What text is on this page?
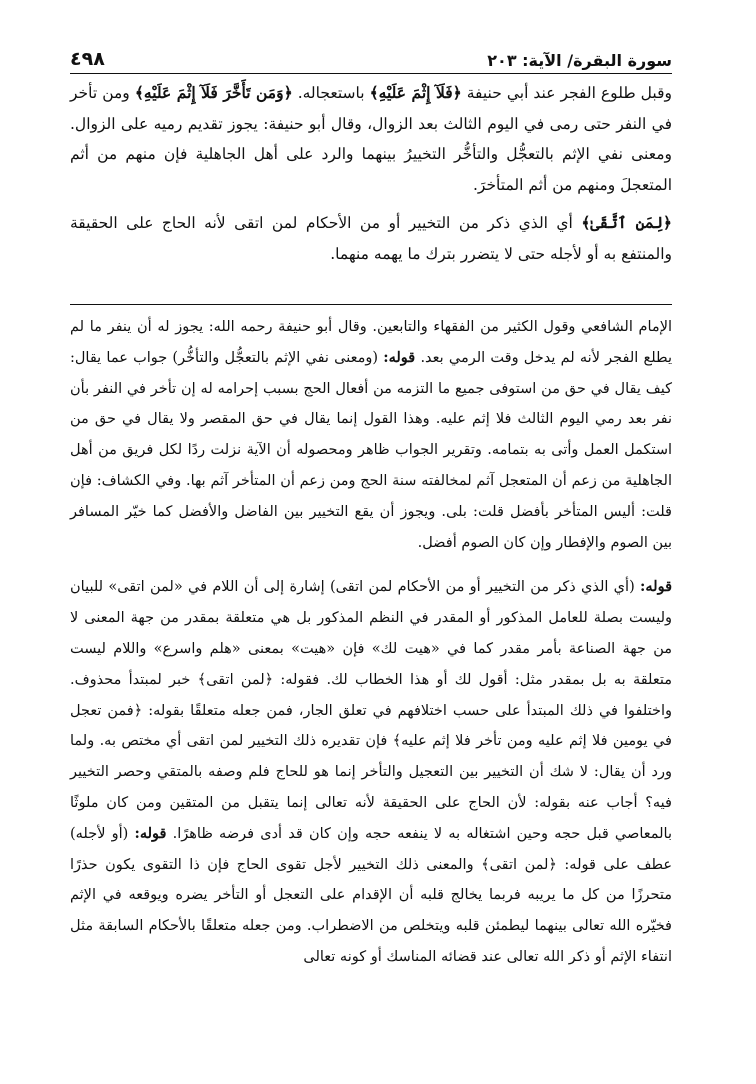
٤٩٨	سورة البقرة/ الآية: ٢٠٣

وقبل طلوع الفجر عند أبي حنيفة ﴿فَلَآ إِثْمَ عَلَيْهِ﴾ باستعجاله. ﴿وَمَن تَأَخَّرَ فَلَآ إِثْمَ عَلَيْهِ﴾ ومن تأخر في النفر حتى رمى في اليوم الثالث بعد الزوال، وقال أبو حنيفة: يجوز تقديم رميه على الزوال. ومعنى نفي الإثم بالتعجُّل والتأخُّر التخييرُ بينهما والرد على أهل الجاهلية فإن منهم من أثم المتعجلَ ومنهم من أثم المتأخرَ.

﴿لِمَنِ ٱتَّقَىٰ﴾ أي الذي ذكر من التخيير أو من الأحكام لمن اتقى لأنه الحاج على الحقيقة والمنتفع به أو لأجله حتى لا يتضرر بترك ما يهمه منهما.

الإمام الشافعي وقول الكثير من الفقهاء والتابعين. وقال أبو حنيفة رحمه الله: يجوز له أن ينفر ما لم يطلع الفجر لأنه لم يدخل وقت الرمي بعد. قوله: (ومعنى نفي الإثم بالتعجُّل والتأخُّر) جواب عما يقال: كيف يقال في حق من استوفى جميع ما التزمه من أفعال الحج بسبب إحرامه له إن تأخر في النفر بأن نفر بعد رمي اليوم الثالث فلا إثم عليه. وهذا القول إنما يقال في حق المقصر ولا يقال في حق من استكمل العمل وأتى به بتمامه. وتقرير الجواب ظاهر ومحصوله أن الآية نزلت ردًا لكل فريق من أهل الجاهلية من زعم أن المتعجل آثم لمخالفته سنة الحج ومن زعم أن المتأخر آثم بها. وفي الكشاف: فإن قلت: أليس المتأخر بأفضل قلت: بلى. ويجوز أن يقع التخيير بين الفاضل والأفضل كما خيّر المسافر بين الصوم والإفطار وإن كان الصوم أفضل.

قوله: (أي الذي ذكر من التخيير أو من الأحكام لمن اتقى) إشارة إلى أن اللام في «لمن اتقى» للبيان وليست بصلة للعامل المذكور أو المقدر في النظم المذكور بل هي متعلقة بمقدر من جهة المعنى لا من جهة الصناعة بأمر مقدر كما في «هيت لك» فإن «هيت» بمعنى «هلم واسرع» واللام ليست متعلقة به بل بمقدر مثل: أقول لك أو هذا الخطاب لك. فقوله: ﴿لمن اتقى﴾ خبر لمبتدأ محذوف. واختلفوا في ذلك المبتدأ على حسب اختلافهم في تعلق الجار، فمن جعله متعلقًا بقوله: ﴿فمن تعجل في يومين فلا إثم عليه ومن تأخر فلا إثم عليه﴾ فإن تقديره ذلك التخيير لمن اتقى أي مختص به. ولما ورد أن يقال: لا شك أن التخيير بين التعجيل والتأخر إنما هو للحاج فلم وصفه بالمتقي وحصر التخيير فيه؟ أجاب عنه بقوله: لأن الحاج على الحقيقة لأنه تعالى إنما يتقبل من المتقين ومن كان ملوثًا بالمعاصي قبل حجه وحين اشتغاله به لا ينفعه حجه وإن كان قد أدى فرضه ظاهرًا. قوله: (أو لأجله) عطف على قوله: ﴿لمن اتقى﴾ والمعنى ذلك التخيير لأجل تقوى الحاج فإن ذا التقوى يكون حذرًا متحرزًا من كل ما يريبه فربما يخالج قلبه أن الإقدام على التعجل أو التأخر يضره ويوقعه في الإثم فخيّره الله تعالى بينهما ليطمئن قلبه ويتخلص من الاضطراب. ومن جعله متعلقًا بالأحكام السابقة مثل انتفاء الإثم أو ذكر الله تعالى عند قضائه المناسك أو كونه تعالى
